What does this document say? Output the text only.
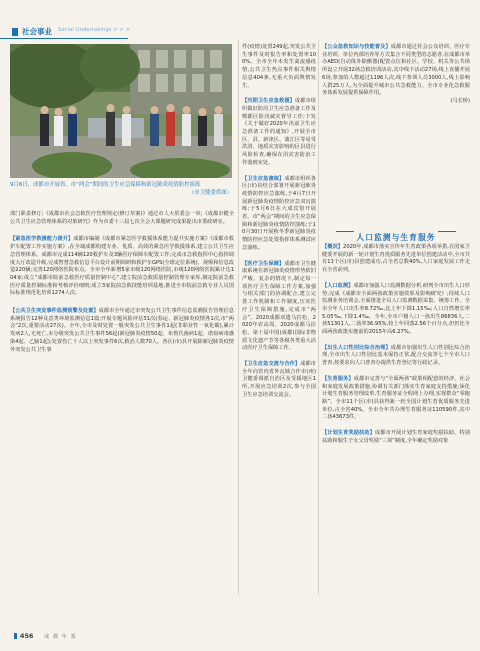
社会事业 Social Undertakings > > >
9月6日，成都市开展省、市“两会”期间的卫生应急保障和新冠肺炎疫情防控演练
（市卫健委供图）

部门职责修订;《成都市社会急救医疗管理规定(修订草案)》通过市人大常委会一审;《成都市健全公共卫生应急管理体系的对策研究》作为市委十三届七次全会大课题研究成果提出市委政研室。

【紧急医学救援能力提升】成都市编制《成都市紧急医学救援体系能力提升实施方案》《成都市救护车配置工作实施方案》,在全域成都构建专业、优质、高效的紧急医学救援体系,建立公共卫生应急管理体系。成都市完成114辆120救护车及3辆医疗保障车配置工作;完成市急救指挥中心指挥调度大厅改造升级,完成智慧急救信息平台设计前期调研和救护车GPS(全球定位系统)、视频和信息改造220辆;完善120网络医院布点。全市全年新增5家市级120网络医院,市级120网络医院累计达104家;成立“成都市院前急救医疗质量控制中心”,建立院前急救质量控制管理专家库,制定院前急救医疗质量控制标准和考核评价细则;成立3家院前急救技能培训基地,推进全市院前急救专业人员国际标准规范化培训1274人次。

【公共卫生突发事件监测预警及处置】成都市全年通过市突发公共卫生事件信息监测报告管理信息系统报告12种及意类环境监测信息1篇;开展专题风险评估31次(春运、新冠肺炎疫情各1次,市“两会”2次,重要活动27次)。全年,全市及时处置一般突发公共卫生事件1起(非职业性一氧化碳),累计发病2人,无死亡,未分级突发公共卫生事件56起(新冠肺炎疫情50起、布鲁氏菌病1起、诺如病毒感染4起、乙脑1起);处置伤亡十人以上突发事件6次,救治人数70人。各区(市)县开展除新冠肺炎疫情外突发公共卫生事

件(疫情)处置249起,突发公共卫生事件及时报告率和处置率100%。全市全年未发生禽流感疫情,公共卫生热点事件相关舆情信息404条,无重大负面舆情发生。

【汛期卫生应急救援】成都市组织做好防汛卫生应急准备工作及郫都区防汛减灾督导工作;下发《关于做好2020年汛前卫生应急准备工作的通知》,开展全市区、县、新津区、蒲江区等易受洪涝、地质灾害影响的区县进行风险检查,确保在汛灾害防治工作落到实处。

【卫生应急演练】成都市组织各区(市)县结合部署开展新冠肺炎疫情防控应急演练,于4月7日开展新冠肺炎疫情防控应急双盲演练;于5月6日在大成宾馆开展省、市“两会”期间的卫生应急保障和新冠肺炎疫情防控演练;于10月30日开展秋冬季新冠肺炎疫情防控应急处置指挥体系测试应急演练。

【医疗卫生保障】成都市卫生健康系统在新冠肺炎疫情形势依旧严峻、复杂的情况下,制定每一项医疗卫生保障工作方案,加强与相关部门的协调配合,建立完善工作机制和工作制度,压实医疗卫生保障措施,完成市“两会”、2020成都双遗马拉松、2020年农高周、2020成都马拉松、第十届中国(成都)国际非物质文化遗产节等各级各类重大活动医疗卫生保障工作。

【卫生应急交流与合作】成都市全年向省内省外瓦城合作市(州)卫健委调派自治区及受援地区1所,开展应急培训2次,参与全国卫生应急培训交流会。

【公众急救知识与技能普及】成都市通过社会公众培训、医疗专业培训、单位内部培养等方式集合不同类型的志愿者,在成都市举办AED(自动体外除颤器)配置点位和社区、学校、机关等公共场所设立开展32场急救培训活动,其中线下活动27场,线上直播开展6场,参加的人数超过1196人次,线下参训人员3000人,线上影响人群25万人,为全面提升城市公共急救能力、全市专业化急救服务体系发展提供保障作用。

(马长桥)

人口监测与生育服务

【概况】2020年,成都市落实宣传年生育政策各项举措,在国家卫健委开展的新一轮计划生育优质服务先进单位创建活动中,全市共有11个区(市)县创建成功,占全省总数40%,人口家庭发展工作走在全省前列。

【人口监测】成都市加强人口监测数据分析,研判全市出生人口形势,完成《成都市全面两孩政策实施效果及影响研究》;持续人口监测业务培训会,全面推进全员人口监测数据采集、统筹工作。全市全年人口出生率8.72‰,比上年下降1.15‰;人口自然增长率5.05‰,下降1.4‰。全年,全市户籍人口一孩出生86836人,二孩51301人,二孩率36.95%,较上年回落2.56个百分点,但仍比全面两孩政策实施前的2015年高6.27%。

【出生人口性别比综合治理】成都市加强出生人口性别比综合治理,全市出生人口性别比基本保持正常,配合交流等七个全市人口普查,按要求向人口普查办提供生育登记等行政记录。

【生育服务】成都市完善与“全面两孩”政策相配套的经济、社会和家庭发展政策措施,协调有关部门落实生育家庭支持措施;深化计划生育服务管理改革,生育服务证全程网上办理,实现群众“零跑路”。全市11个区(市)县获得新一轮全国计划生育优质服务先进单位,占全省40%。全市全年共办理生育服务证110590件,其中二孩43673件。

【计划生育奖励扶助】成都市开展计划生育家庭奖励扶助、特别扶助和独生子女父母奖励“三项”制度,全年确定奖励对象

456 成 都 年 鉴
